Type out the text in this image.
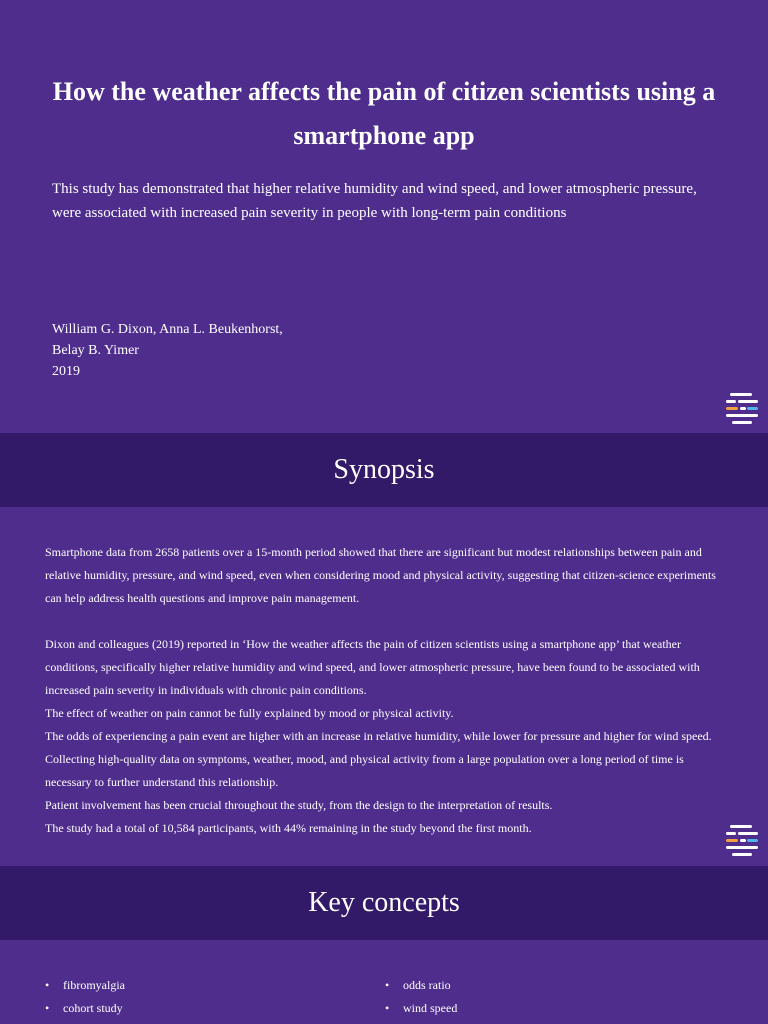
How the weather affects the pain of citizen scientists using a smartphone app
This study has demonstrated that higher relative humidity and wind speed, and lower atmospheric pressure, were associated with increased pain severity in people with long-term pain conditions
William G. Dixon, Anna L. Beukenhorst,
Belay B. Yimer
2019
Synopsis

Smartphone data from 2658 patients over a 15-month period showed that there are significant but modest relationships between pain and relative humidity, pressure, and wind speed, even when considering mood and physical activity, suggesting that citizen-science experiments can help address health questions and improve pain management.

Dixon and colleagues (2019) reported in ‘How the weather affects the pain of citizen scientists using a smartphone app’ that weather conditions, specifically higher relative humidity and wind speed, and lower atmospheric pressure, have been found to be associated with increased pain severity in individuals with chronic pain conditions.

The effect of weather on pain cannot be fully explained by mood or physical activity.

The odds of experiencing a pain event are higher with an increase in relative humidity, while lower for pressure and higher for wind speed.

Collecting high-quality data on symptoms, weather, mood, and physical activity from a large population over a long period of time is necessary to further understand this relationship.

Patient involvement has been crucial throughout the study, from the design to the interpretation of results.

The study had a total of 10,584 participants, with 44% remaining in the study beyond the first month.

Key concepts
• fibromyalgia
• cohort study
• odds ratio
• wind speed
